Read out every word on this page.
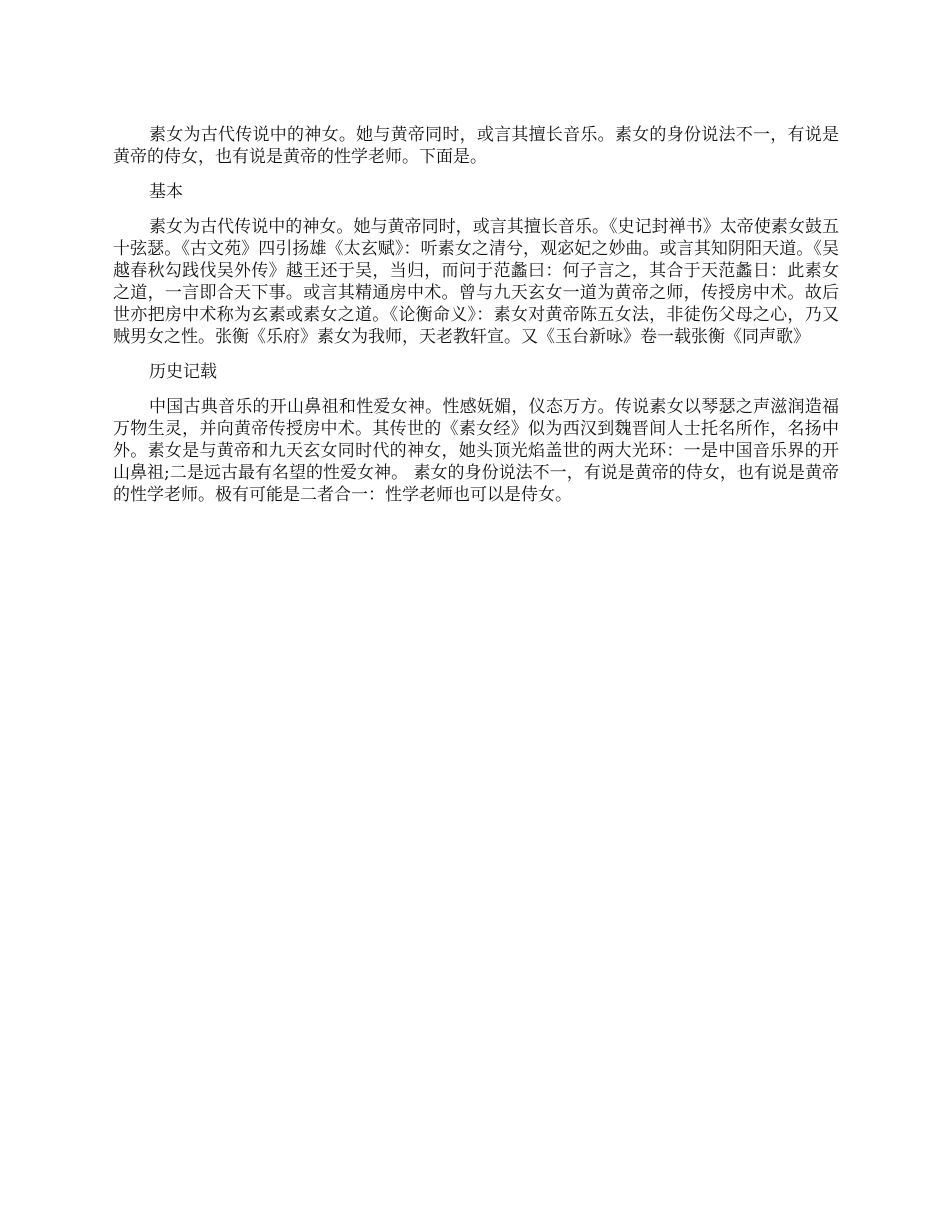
素女为古代传说中的神女。她与黄帝同时，或言其擅长音乐。素女的身份说法不一，有说是黄帝的侍女，也有说是黄帝的性学老师。下面是。

基本

素女为古代传说中的神女。她与黄帝同时，或言其擅长音乐。《史记封禅书》太帝使素女鼓五十弦瑟。《古文苑》四引扬雄《太玄赋》：听素女之清兮，观宓妃之妙曲。或言其知阴阳天道。《吴越春秋勾践伐吴外传》越王还于吴，当归，而问于范蠡曰：何子言之，其合于天范蠡日：此素女之道，一言即合天下事。或言其精通房中术。曾与九天玄女一道为黄帝之师，传授房中术。故后世亦把房中术称为玄素或素女之道。《论衡命义》：素女对黄帝陈五女法，非徒伤父母之心，乃又贼男女之性。张衡《乐府》素女为我师，天老教轩宣。又《玉台新咏》卷一载张衡《同声歌》

历史记载

中国古典音乐的开山鼻祖和性爱女神。性感妩媚，仪态万方。传说素女以琴瑟之声滋润造福万物生灵，并向黄帝传授房中术。其传世的《素女经》似为西汉到魏晋间人士托名所作，名扬中外。素女是与黄帝和九天玄女同时代的神女，她头顶光焰盖世的两大光环：一是中国音乐界的开山鼻祖;二是远古最有名望的性爱女神。 素女的身份说法不一，有说是黄帝的侍女，也有说是黄帝的性学老师。极有可能是二者合一：性学老师也可以是侍女。
